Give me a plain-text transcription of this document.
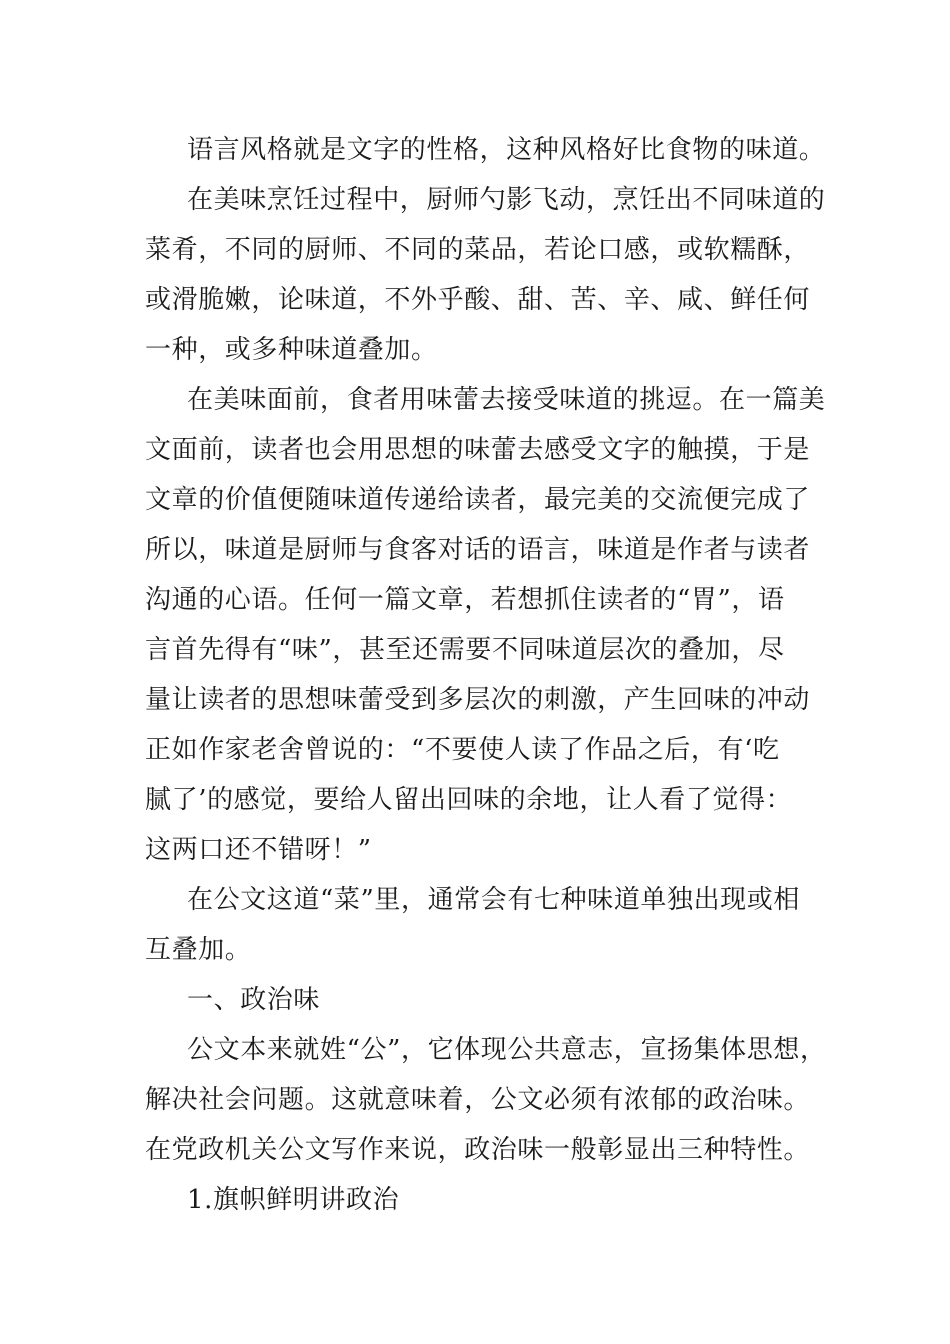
语言风格就是文字的性格，这种风格好比食物的味道。
在美味烹饪过程中，厨师勺影飞动，烹饪出不同味道的
菜肴，不同的厨师、不同的菜品，若论口感，或软糯酥，
或滑脆嫩，论味道，不外乎酸、甜、苦、辛、咸、鲜任何
一种，或多种味道叠加。
在美味面前，食者用味蕾去接受味道的挑逗。在一篇美
文面前，读者也会用思想的味蕾去感受文字的触摸，于是
文章的价值便随味道传递给读者，最完美的交流便完成了
所以，味道是厨师与食客对话的语言，味道是作者与读者
沟通的心语。任何一篇文章，若想抓住读者的“胃”，语
言首先得有“味”，甚至还需要不同味道层次的叠加，尽
量让读者的思想味蕾受到多层次的刺激，产生回味的冲动
正如作家老舍曾说的：“不要使人读了作品之后，有‘吃
腻了’的感觉，要给人留出回味的余地，让人看了觉得：
这两口还不错呀！”
在公文这道“菜”里，通常会有七种味道单独出现或相
互叠加。
一、政治味
公文本来就姓“公”，它体现公共意志，宣扬集体思想，
解决社会问题。这就意味着，公文必须有浓郁的政治味。
在党政机关公文写作来说，政治味一般彰显出三种特性。
1.旗帜鲜明讲政治
